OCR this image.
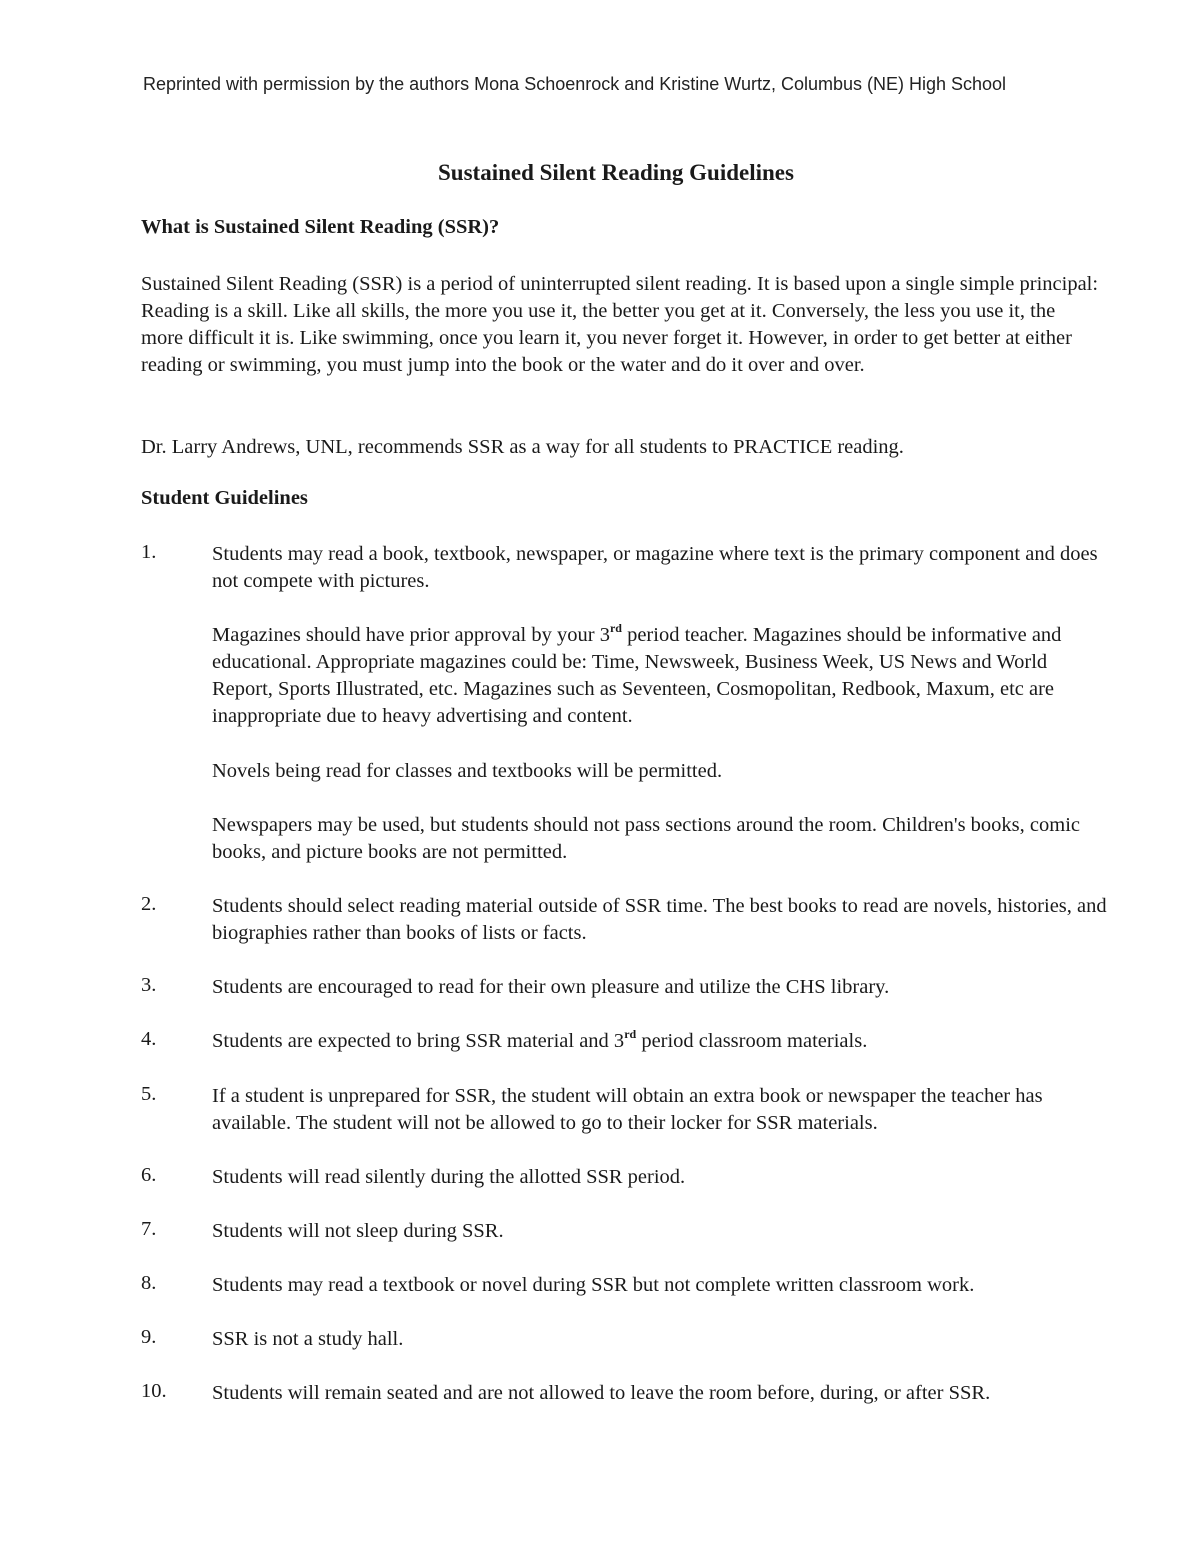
Reprinted with permission by the authors Mona Schoenrock and Kristine Wurtz, Columbus (NE) High School
Sustained Silent Reading Guidelines
What is Sustained Silent Reading (SSR)?

Sustained Silent Reading (SSR) is a period of uninterrupted silent reading. It is based upon a single simple principal: Reading is a skill. Like all skills, the more you use it, the better you get at it. Conversely, the less you use it, the more difficult it is. Like swimming, once you learn it, you never forget it. However, in order to get better at either reading or swimming, you must jump into the book or the water and do it over and over.

Dr. Larry Andrews, UNL, recommends SSR as a way for all students to PRACTICE reading.

Student Guidelines
1.	Students may read a book, textbook, newspaper, or magazine where text is the primary component and does not compete with pictures.

Magazines should have prior approval by your 3rd period teacher. Magazines should be informative and educational. Appropriate magazines could be: Time, Newsweek, Business Week, US News and World Report, Sports Illustrated, etc. Magazines such as Seventeen, Cosmopolitan, Redbook, Maxum, etc are inappropriate due to heavy advertising and content.

Novels being read for classes and textbooks will be permitted.

Newspapers may be used, but students should not pass sections around the room. Children's books, comic books, and picture books are not permitted.

2.	Students should select reading material outside of SSR time. The best books to read are novels, histories, and biographies rather than books of lists or facts.

3.	Students are encouraged to read for their own pleasure and utilize the CHS library.

4.	Students are expected to bring SSR material and 3rd period classroom materials.

5.	If a student is unprepared for SSR, the student will obtain an extra book or newspaper the teacher has available. The student will not be allowed to go to their locker for SSR materials.

6.	Students will read silently during the allotted SSR period.

7.	Students will not sleep during SSR.

8.	Students may read a textbook or novel during SSR but not complete written classroom work.

9.	SSR is not a study hall.

10. Students will remain seated and are not allowed to leave the room before, during, or after SSR.
